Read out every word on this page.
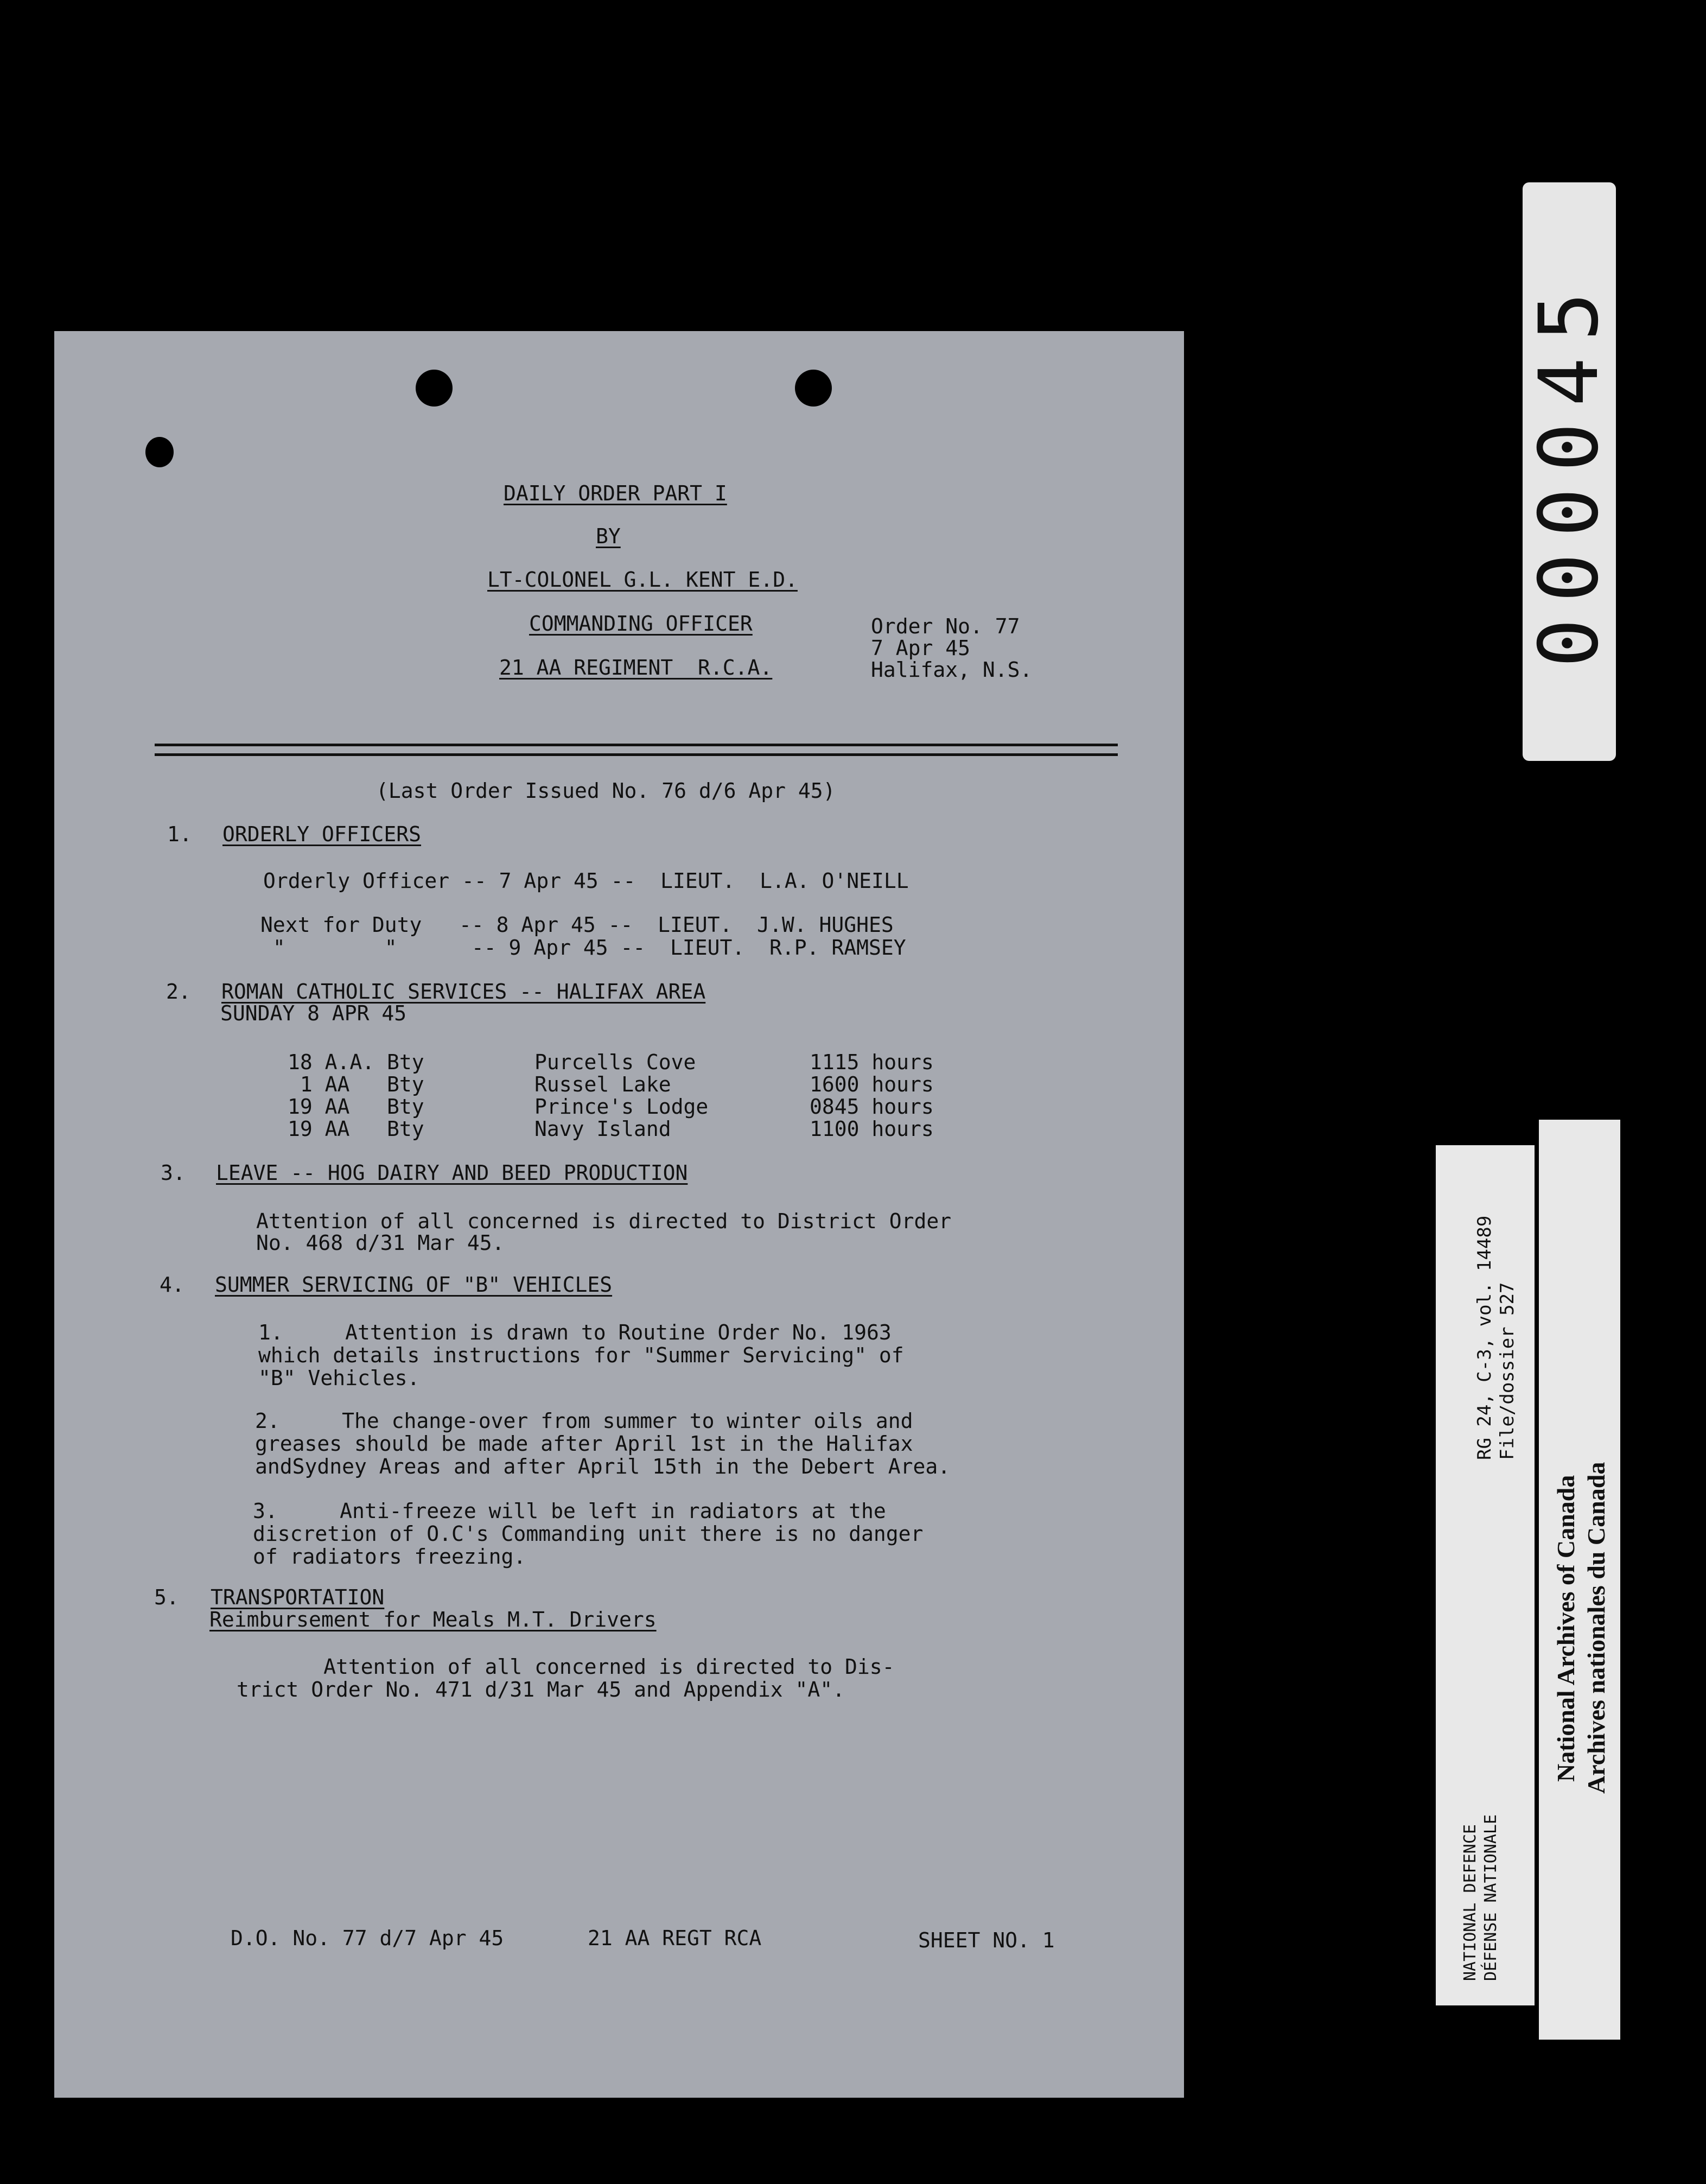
DAILY ORDER PART I
BY
LT-COLONEL G.L. KENT E.D.
COMMANDING OFFICER
21 AA REGIMENT  R.C.A.
Order No. 77
7 Apr 45
Halifax, N.S.
(Last Order Issued No. 76 d/6 Apr 45)
1. ORDERLY OFFICERS
Orderly Officer -- 7 Apr 45 --  LIEUT.  L.A. O'NEILL
Next for Duty   -- 8 Apr 45 --  LIEUT.  J.W. HUGHES
"        "      -- 9 Apr 45 --  LIEUT.  R.P. RAMSEY
2. ROMAN CATHOLIC SERVICES -- HALIFAX AREA
SUNDAY 8 APR 45
18 A.A. Bty	Purcells Cove	1115 hours
1 AA   Bty	Russel Lake	1600 hours
19 AA   Bty	Prince's Lodge	0845 hours
19 AA   Bty	Navy Island	1100 hours
3. LEAVE -- HOG DAIRY AND BEED PRODUCTION
Attention of all concerned is directed to District Order
No. 468 d/31 Mar 45.
4. SUMMER SERVICING OF "B" VEHICLES
1.     Attention is drawn to Routine Order No. 1963
which details instructions for "Summer Servicing" of
"B" Vehicles.
2.     The change-over from summer to winter oils and
greases should be made after April 1st in the Halifax
andSydney Areas and after April 15th in the Debert Area.
3.     Anti-freeze will be left in radiators at the
discretion of O.C's Commanding unit there is no danger
of radiators freezing.
5. TRANSPORTATION
Reimbursement for Meals M.T. Drivers
Attention of all concerned is directed to Dis-
trict Order No. 471 d/31 Mar 45 and Appendix "A".
D.O. No. 77 d/7 Apr 45	21 AA REGT RCA	SHEET NO. 1
000045
RG 24, C-3, vol. 14489 File/dossier 527
NATIONAL DEFENCE DÉFENSE NATIONALE
National Archives of Canada Archives nationales du Canada
